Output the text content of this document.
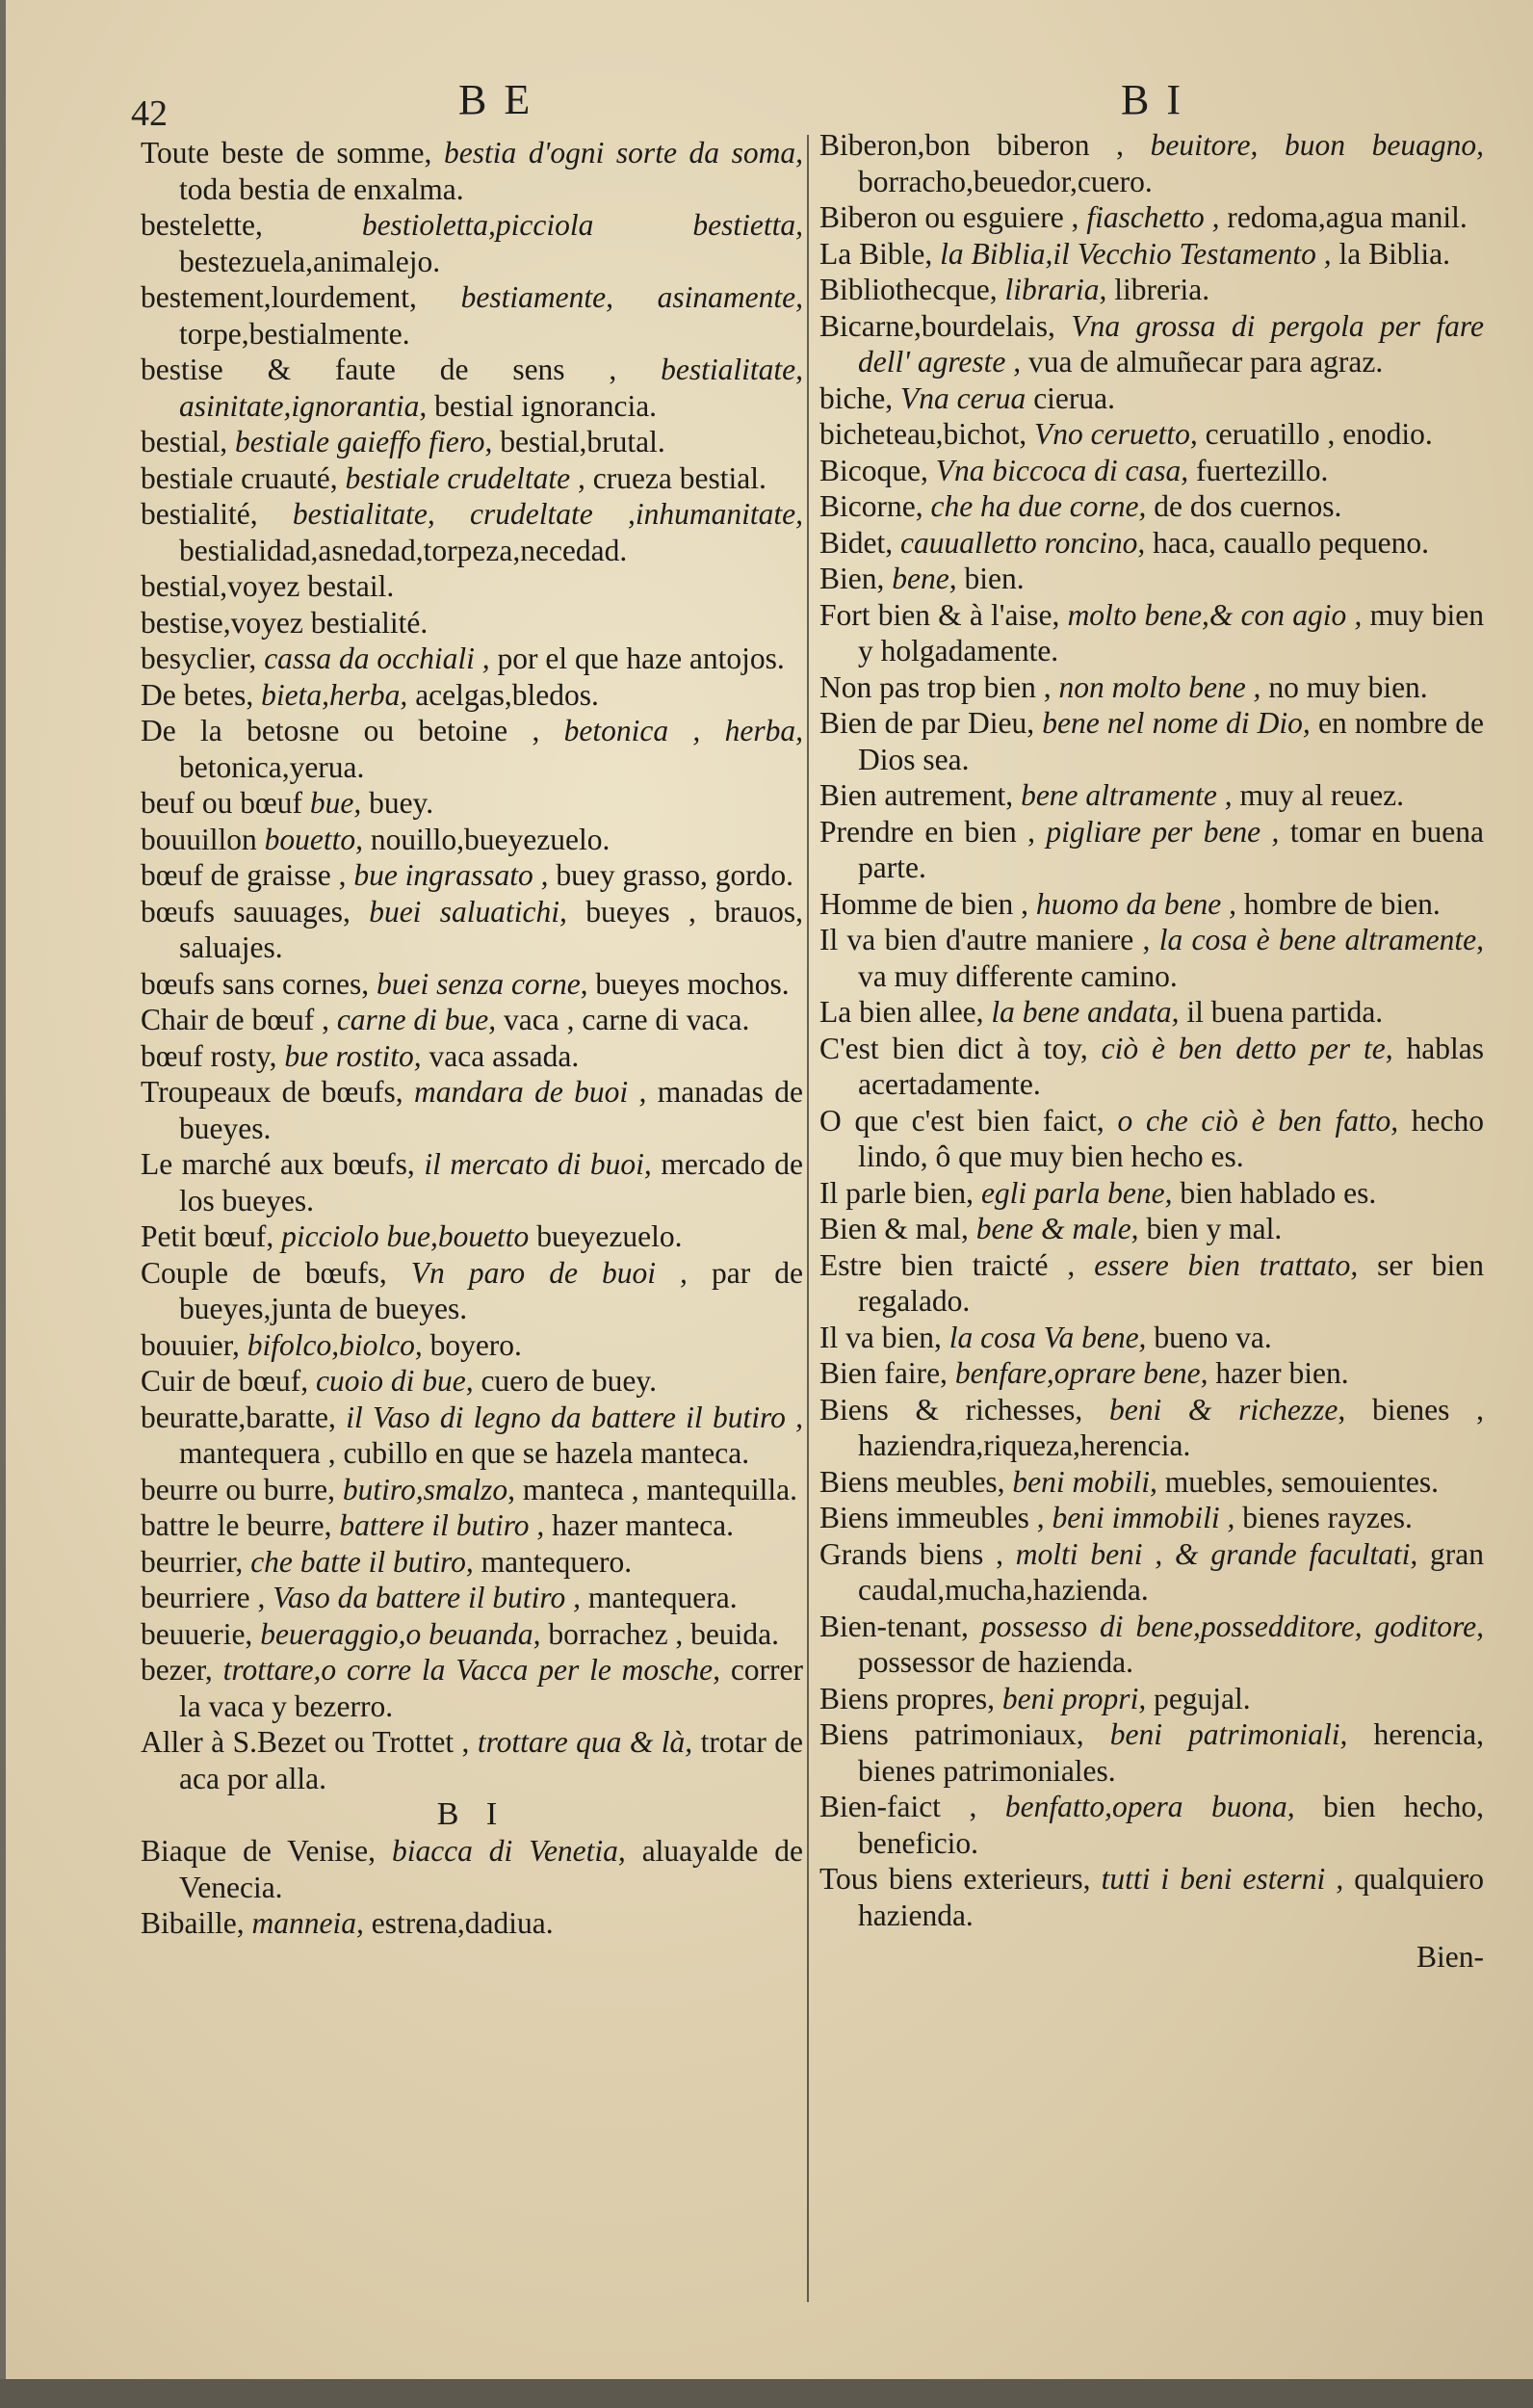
42	BE	BI

Toute beste de somme, bestia d'ogni sorte da soma, toda bestia de enxalma.

bestelette,	bestioletta,picciola bestietta, bestezuela,animalejo.

bestement,lourdement, bestiamente, asinamente, torpe,bestialmente.

bestise & faute de sens , bestialitate, asinitate,ignorantia, bestial ignorancia.

bestial, bestiale gaieffo fiero, bestial,brutal.

bestiale cruauté, bestiale crudeltate , crueza bestial.

bestialité, bestialitate, crudeltate ,inhumanitate, bestialidad,asnedad,torpeza,necedad.

bestial,voyez bestail.

bestise,voyez bestialité.

besyclier, cassa da occhiali , por el que haze antojos.

De betes, bieta,herba, acelgas,bledos.

De la betosne ou betoine , betonica , herba, betonica,yerua.

beuf ou bœuf bue, buey.

bouuillon bouetto, nouillo,bueyezuelo.

bœuf de graisse , bue ingrassato , buey grasso, gordo.

bœufs sauuages, buei saluatichi, bueyes , brauos, saluajes.

bœufs sans cornes, buei senza corne, bueyes mochos.

Chair de bœuf , carne di bue, vaca , carne di vaca.

bœuf rosty, bue rostito, vaca assada.

Troupeaux de bœufs, mandara de buoi , manadas de bueyes.

Le marché aux bœufs, il mercato di buoi, mercado de los bueyes.

Petit bœuf, picciolo bue,bouetto bueyezuelo.

Couple de bœufs, Vn paro de buoi , par de bueyes,junta de bueyes.

bouuier, bifolco,biolco, boyero.

Cuir de bœuf, cuoio di bue, cuero de buey.

beuratte,baratte, il Vaso di legno da battere il butiro , mantequera , cubillo en que se hazela manteca.

beurre ou burre, butiro,smalzo, manteca , mantequilla.

battre le beurre, battere il butiro , hazer manteca.

beurrier, che batte il butiro, mantequero.

beurriere , Vaso da battere il butiro , mantequera.

beuuerie, beueraggio,o beuanda, borrachez , beuida.

bezer, trottare,o corre la Vacca per le mosche, correr la vaca y bezerro.

Aller à S.Bezet ou Trottet , trottare qua & là, trotar de aca por alla.

B I

Biaque de Venise, biacca di Venetia, aluayalde de Venecia.

Bibaille, manneia, estrena,dadiua.

Biberon,bon biberon , beuitore, buon beuagno, borracho,beuedor,cuero.

Biberon ou esguiere , fiaschetto , redoma,agua manil.

La Bible, la Biblia,il Vecchio Testamento , la Biblia.

Bibliothecque, libraria, libreria.

Bicarne,bourdelais, Vna grossa di pergola per fare dell' agreste , vua de almuñecar para agraz.

biche, Vna cerua cierua.

bicheteau,bichot, Vno ceruetto, ceruatillo , enodio.

Bicoque, Vna biccoca di casa, fuertezillo.

Bicorne, che ha due corne, de dos cuernos.

Bidet, cauualletto roncino, haca, cauallo pequeno.

Bien, bene, bien.

Fort bien & à l'aise, molto bene,& con agio , muy bien y holgadamente.

Non pas trop bien , non molto bene , no muy bien.

Bien de par Dieu, bene nel nome di Dio, en nombre de Dios sea.

Bien autrement, bene altramente , muy al reuez.

Prendre en bien , pigliare per bene , tomar en buena parte.

Homme de bien , huomo da bene , hombre de bien.

Il va bien d'autre maniere , la cosa è bene altramente, va muy differente camino.

La bien allee, la bene andata, il buena partida.

C'est bien dict à toy, ciò è ben detto per te, hablas acertadamente.

O que c'est bien faict, o che ciò è ben fatto, hecho lindo, ô que muy bien hecho es.

Il parle bien, egli parla bene, bien hablado es.

Bien & mal, bene & male, bien y mal.

Estre bien traicté , essere bien trattato, ser bien regalado.

Il va bien, la cosa Va bene, bueno va.

Bien faire, benfare,oprare bene, hazer bien.

Biens & richesses, beni & richezze, bienes , haziendra,riqueza,herencia.

Biens meubles, beni mobili, muebles, semouientes.

Biens immeubles , beni immobili , bienes rayzes.

Grands biens , molti beni , & grande facultati, gran caudal,mucha,hazienda.

Bien-tenant, possesso di bene,possedditore, goditore, possessor de hazienda.

Biens propres, beni propri, pegujal.

Biens patrimoniaux, beni patrimoniali, herencia, bienes patrimoniales.

Bien-faict , benfatto,opera buona, bien hecho, beneficio.

Tous biens exterieurs, tutti i beni esterni , qualquiero hazienda.

Bien-
